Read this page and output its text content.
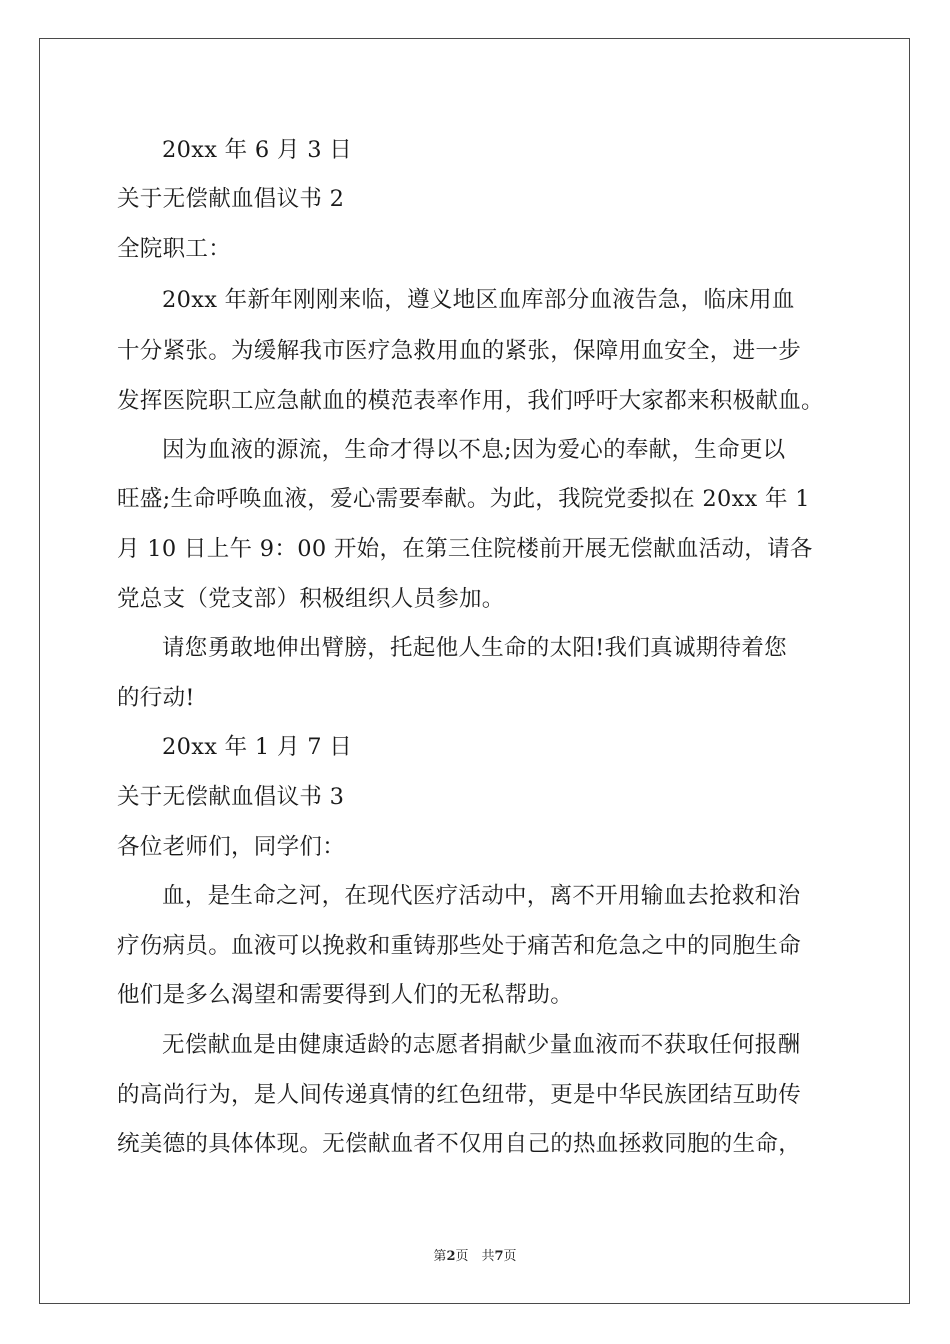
20xx 年 6 月 3 日
关于无偿献血倡议书 2
全院职工：
20xx 年新年刚刚来临，遵义地区血库部分血液告急，临床用血
十分紧张。为缓解我市医疗急救用血的紧张，保障用血安全，进一步
发挥医院职工应急献血的模范表率作用，我们呼吁大家都来积极献血。
因为血液的源流，生命才得以不息;因为爱心的奉献，生命更以
旺盛;生命呼唤血液，爱心需要奉献。为此，我院党委拟在 20xx 年 1
月 10 日上午 9：00 开始，在第三住院楼前开展无偿献血活动，请各
党总支（党支部）积极组织人员参加。
请您勇敢地伸出臂膀，托起他人生命的太阳!我们真诚期待着您
的行动!
20xx 年 1 月 7 日
关于无偿献血倡议书 3
各位老师们，同学们：
血，是生命之河，在现代医疗活动中，离不开用输血去抢救和治
疗伤病员。血液可以挽救和重铸那些处于痛苦和危急之中的同胞生命
他们是多么渴望和需要得到人们的无私帮助。
无偿献血是由健康适龄的志愿者捐献少量血液而不获取任何报酬
的高尚行为，是人间传递真情的红色纽带，更是中华民族团结互助传
统美德的具体体现。无偿献血者不仅用自己的热血拯救同胞的生命，
第2页　共7页
